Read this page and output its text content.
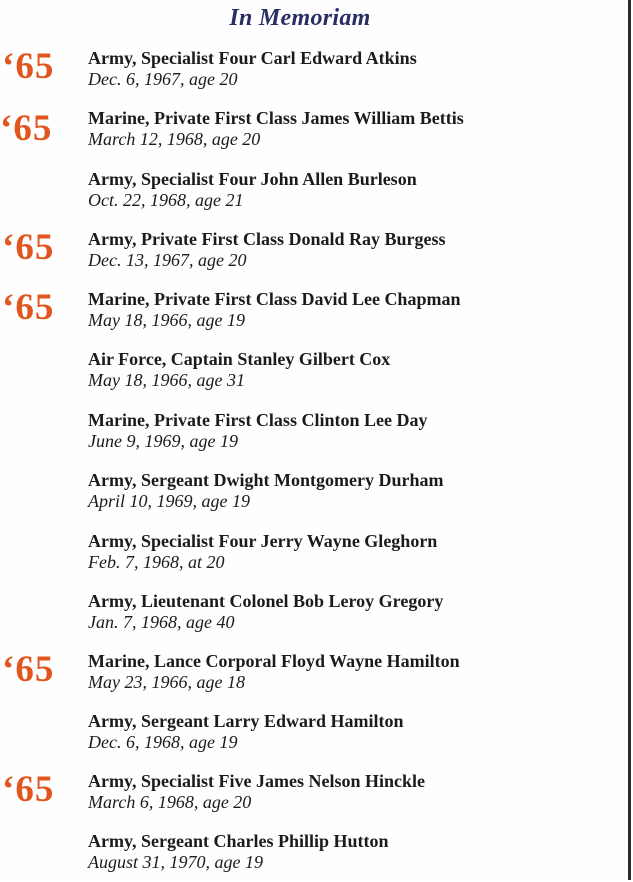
In Memoriam
‘65 Army, Specialist Four Carl Edward Atkins
Dec. 6, 1967, age 20
‘65 Marine, Private First Class James William Bettis
March 12, 1968, age 20
Army, Specialist Four John Allen Burleson
Oct. 22, 1968, age 21
‘65 Army, Private First Class Donald Ray Burgess
Dec. 13, 1967, age 20
‘65 Marine, Private First Class David Lee Chapman
May 18, 1966, age 19
Air Force, Captain Stanley Gilbert Cox
May 18, 1966, age 31
Marine, Private First Class Clinton Lee Day
June 9, 1969, age 19
Army, Sergeant Dwight Montgomery Durham
April 10, 1969, age 19
Army, Specialist Four Jerry Wayne Gleghorn
Feb. 7, 1968, at 20
Army, Lieutenant Colonel Bob Leroy Gregory
Jan. 7, 1968, age 40
‘65 Marine, Lance Corporal Floyd Wayne Hamilton
May 23, 1966, age 18
Army, Sergeant Larry Edward Hamilton
Dec. 6, 1968, age 19
‘65 Army, Specialist Five James Nelson Hinckle
March 6, 1968, age 20
Army, Sergeant Charles Phillip Hutton
August 31, 1970, age 19
